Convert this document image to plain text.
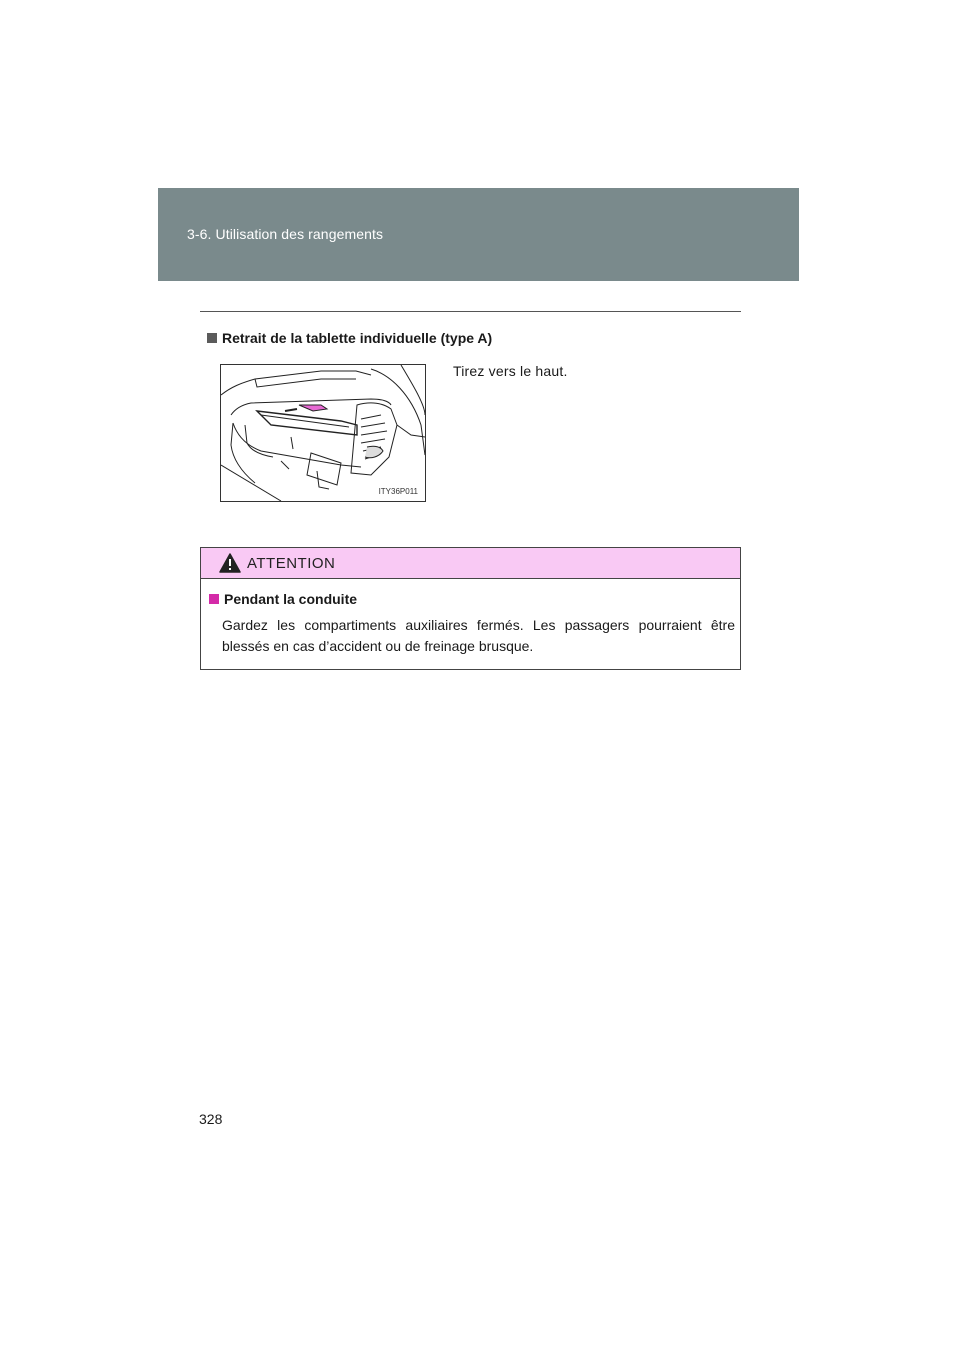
3-6. Utilisation des rangements
Retrait de la tablette individuelle (type A)
ITY36P011
Tirez vers le haut.
ATTENTION
Pendant la conduite
Gardez les compartiments auxiliaires fermés. Les passagers pourraient être blessés en cas d’accident ou de freinage brusque.
328
